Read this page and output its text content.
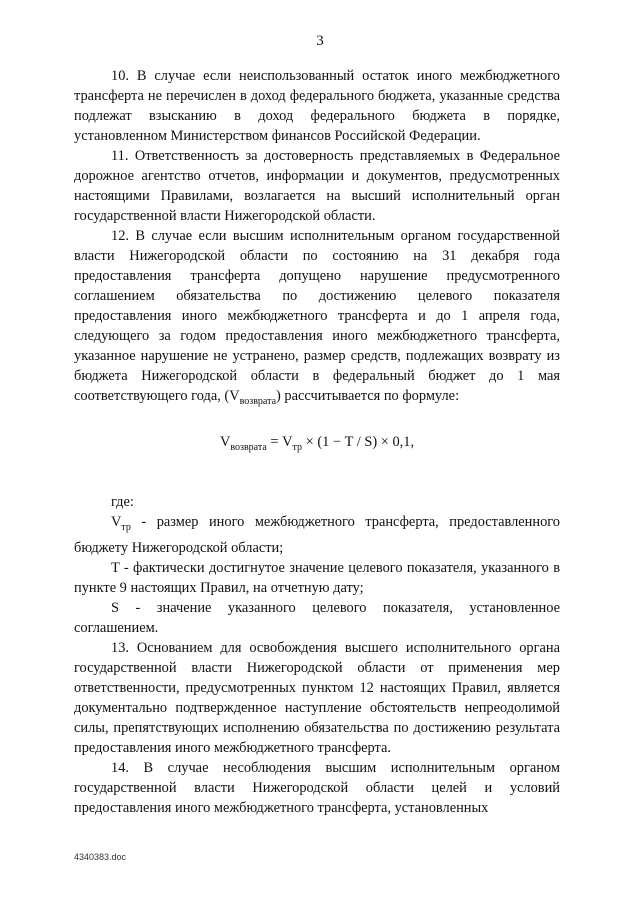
3

10. В случае если неиспользованный остаток иного межбюджетного трансферта не перечислен в доход федерального бюджета, указанные средства подлежат взысканию в доход федерального бюджета в порядке, установленном Министерством финансов Российской Федерации.

11. Ответственность за достоверность представляемых в Федеральное дорожное агентство отчетов, информации и документов, предусмотренных настоящими Правилами, возлагается на высший исполнительный орган государственной власти Нижегородской области.

12. В случае если высшим исполнительным органом государственной власти Нижегородской области по состоянию на 31 декабря года предоставления трансферта допущено нарушение предусмотренного соглашением обязательства по достижению целевого показателя предоставления иного межбюджетного трансферта и до 1 апреля года, следующего за годом предоставления иного межбюджетного трансферта, указанное нарушение не устранено, размер средств, подлежащих возврату из бюджета Нижегородской области в федеральный бюджет до 1 мая соответствующего года, $(V_{возврата})$ рассчитывается по формуле:

$V_{возврата} = V_{тр} \times (1 - T / S) \times 0,1$,

где:

$V_{тр}$ - размер иного межбюджетного трансферта, предоставленного бюджету Нижегородской области;

T - фактически достигнутое значение целевого показателя, указанного в пункте 9 настоящих Правил, на отчетную дату;

S - значение указанного целевого показателя, установленное соглашением.

13. Основанием для освобождения высшего исполнительного органа государственной власти Нижегородской области от применения мер ответственности, предусмотренных пунктом 12 настоящих Правил, является документально подтвержденное наступление обстоятельств непреодолимой силы, препятствующих исполнению обязательства по достижению результата предоставления иного межбюджетного трансферта.

14. В случае несоблюдения высшим исполнительным органом государственной власти Нижегородской области целей и условий предоставления иного межбюджетного трансферта, установленных

4340383.doc
